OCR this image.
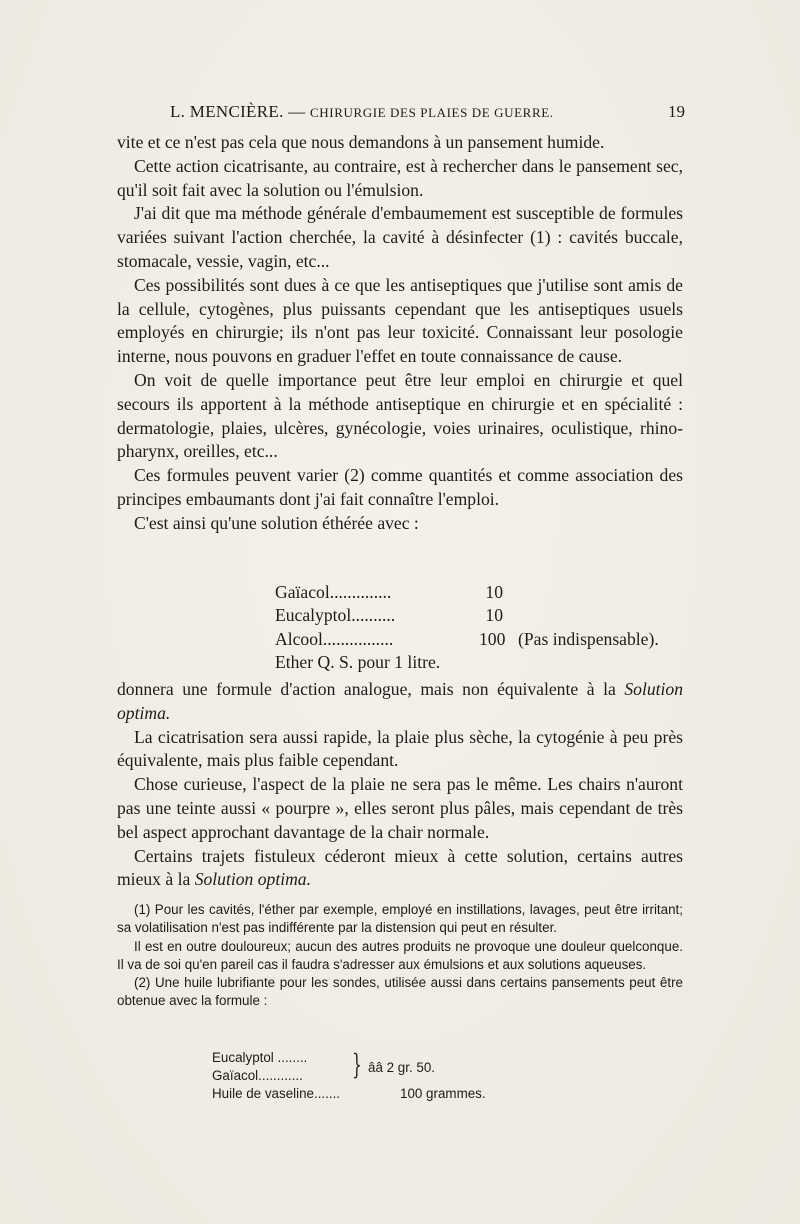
L. MENCIÈRE. — CHIRURGIE DES PLAIES DE GUERRE.	19

vite et ce n'est pas cela que nous demandons à un pansement humide.

Cette action cicatrisante, au contraire, est à rechercher dans le pansement sec, qu'il soit fait avec la solution ou l'émulsion.

J'ai dit que ma méthode générale d'embaumement est susceptible de formules variées suivant l'action cherchée, la cavité à désinfecter (1) : cavités buccale, stomacale, vessie, vagin, etc...

Ces possibilités sont dues à ce que les antiseptiques que j'utilise sont amis de la cellule, cytogènes, plus puissants cependant que les antiseptiques usuels employés en chirurgie; ils n'ont pas leur toxicité. Connaissant leur posologie interne, nous pouvons en graduer l'effet en toute connaissance de cause.

On voit de quelle importance peut être leur emploi en chirurgie et quel secours ils apportent à la méthode antiseptique en chirurgie et en spécialité : dermatologie, plaies, ulcères, gynécologie, voies urinaires, oculistique, rhino-pharynx, oreilles, etc...

Ces formules peuvent varier (2) comme quantités et comme association des principes embaumants dont j'ai fait connaître l'emploi.

C'est ainsi qu'une solution éthérée avec :

Gaïacol..............	10
Eucalyptol..........	10
Alcool................	100 (Pas indispensable).
Ether Q. S. pour 1 litre.

donnera une formule d'action analogue, mais non équivalente à la Solution optima.

La cicatrisation sera aussi rapide, la plaie plus sèche, la cytogénie à peu près équivalente, mais plus faible cependant.

Chose curieuse, l'aspect de la plaie ne sera pas le même. Les chairs n'auront pas une teinte aussi « pourpre », elles seront plus pâles, mais cependant de très bel aspect approchant davantage de la chair normale.

Certains trajets fistuleux céderont mieux à cette solution, certains autres mieux à la Solution optima.

(1) Pour les cavités, l'éther par exemple, employé en instillations, lavages, peut être irritant; sa volatilisation n'est pas indifférente par la distension qui peut en résulter.

Il est en outre douloureux; aucun des autres produits ne provoque une douleur quelconque. Il va de soi qu'en pareil cas il faudra s'adresser aux émulsions et aux solutions aqueuses.

(2) Une huile lubrifiante pour les sondes, utilisée aussi dans certains pansements peut être obtenue avec la formule :

Eucalyptol ........ } ââ 2 gr. 50.
Gaïacol............
Huile de vaseline.......	100 grammes.
